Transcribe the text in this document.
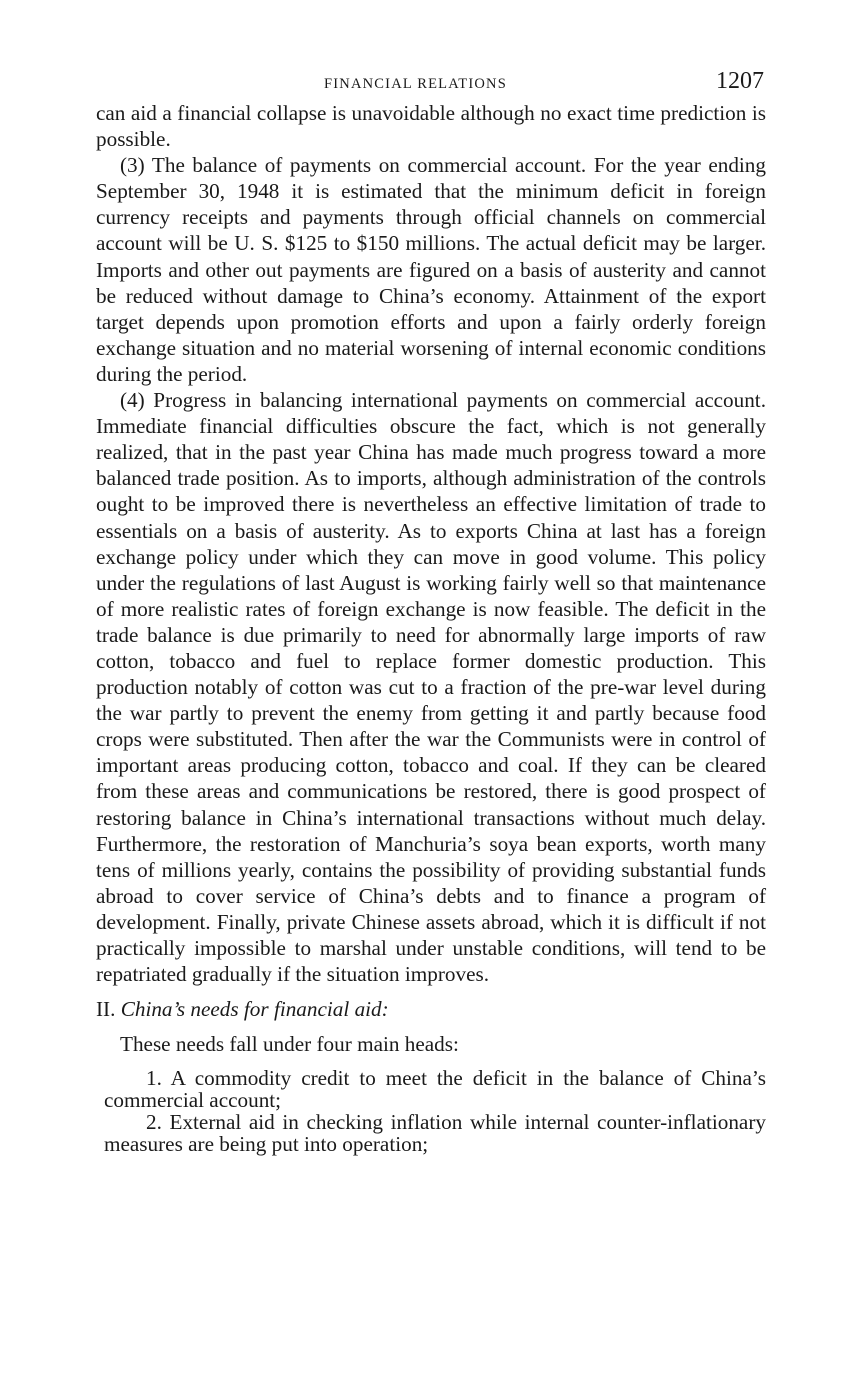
FINANCIAL RELATIONS	1207

can aid a financial collapse is unavoidable although no exact time prediction is possible.

(3) The balance of payments on commercial account. For the year ending September 30, 1948 it is estimated that the minimum deficit in foreign currency receipts and payments through official channels on commercial account will be U. S. $125 to $150 millions. The actual deficit may be larger. Imports and other out payments are figured on a basis of austerity and cannot be reduced without damage to China’s economy. Attainment of the export target depends upon promotion efforts and upon a fairly orderly foreign exchange situation and no material worsening of internal economic conditions during the period.

(4) Progress in balancing international payments on commercial account. Immediate financial difficulties obscure the fact, which is not generally realized, that in the past year China has made much progress toward a more balanced trade position. As to imports, although administration of the controls ought to be improved there is nevertheless an effective limitation of trade to essentials on a basis of austerity. As to exports China at last has a foreign exchange policy under which they can move in good volume. This policy under the regulations of last August is working fairly well so that maintenance of more realistic rates of foreign exchange is now feasible. The deficit in the trade balance is due primarily to need for abnormally large imports of raw cotton, tobacco and fuel to replace former domestic production. This production notably of cotton was cut to a fraction of the pre-war level during the war partly to prevent the enemy from getting it and partly because food crops were substituted. Then after the war the Communists were in control of important areas producing cotton, tobacco and coal. If they can be cleared from these areas and communications be restored, there is good prospect of restoring balance in China’s international transactions without much delay. Furthermore, the restoration of Manchuria’s soya bean exports, worth many tens of millions yearly, contains the possibility of providing substantial funds abroad to cover service of China’s debts and to finance a program of development. Finally, private Chinese assets abroad, which it is difficult if not practically impossible to marshal under unstable conditions, will tend to be repatriated gradually if the situation improves.

II. China’s needs for financial aid:
These needs fall under four main heads:

1. A commodity credit to meet the deficit in the balance of China’s commercial account;

2. External aid in checking inflation while internal counter-inflationary measures are being put into operation;
